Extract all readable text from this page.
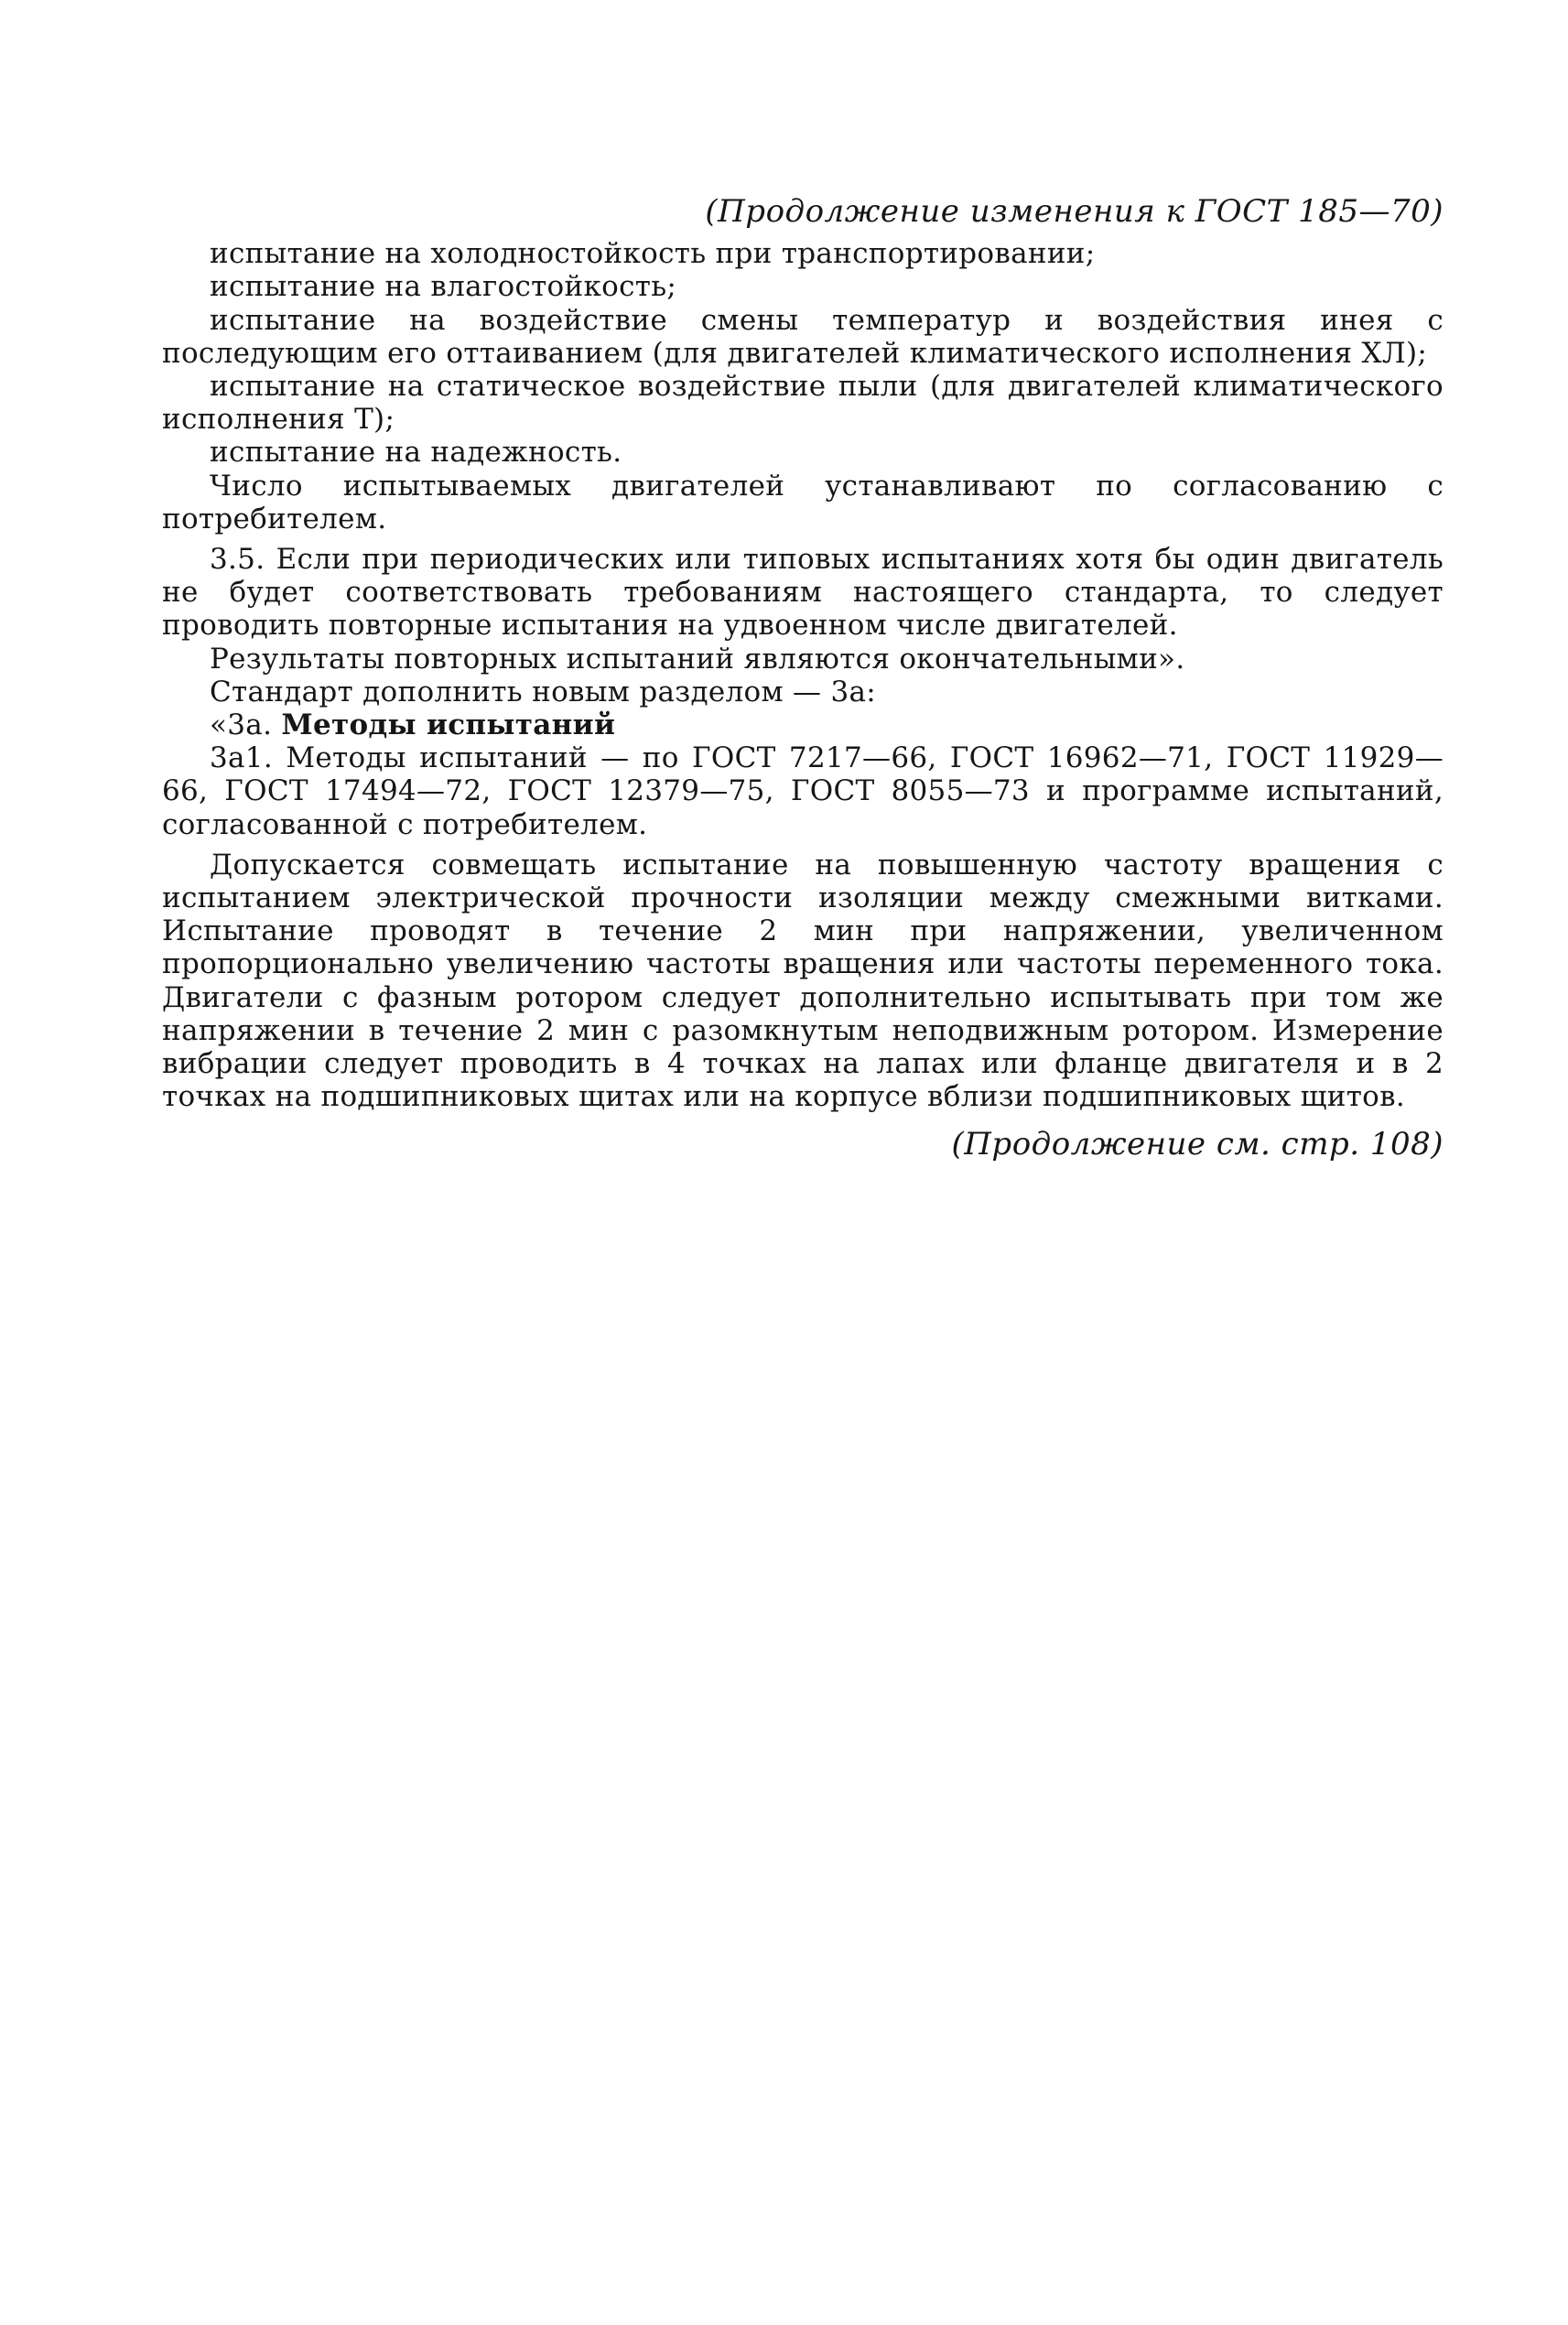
(Продолжение изменения к ГОСТ 185—70)

испытание на холодностойкость при транспортировании;

испытание на влагостойкость;

испытание на воздействие смены температур и воздействия инея с последующим его оттаиванием (для двигателей климатического исполнения ХЛ);

испытание на статическое воздействие пыли (для двигателей климатического исполнения Т);

испытание на надежность.

Число испытываемых двигателей устанавливают по согласованию с потребителем.

3.5. Если при периодических или типовых испытаниях хотя бы один двигатель не будет соответствовать требованиям настоящего стандарта, то следует проводить повторные испытания на удвоенном числе двигателей.

Результаты повторных испытаний являются окончательными».

Стандарт дополнить новым разделом — 3а:

«3а. Методы испытаний

3а1. Методы испытаний — по ГОСТ 7217—66, ГОСТ 16962—71, ГОСТ 11929—66, ГОСТ 17494—72, ГОСТ 12379—75, ГОСТ 8055—73 и программе испытаний, согласованной с потребителем.

Допускается совмещать испытание на повышенную частоту вращения с испытанием электрической прочности изоляции между смежными витками. Испытание проводят в течение 2 мин при напряжении, увеличенном пропорционально увеличению частоты вращения или частоты переменного тока. Двигатели с фазным ротором следует дополнительно испытывать при том же напряжении в течение 2 мин с разомкнутым неподвижным ротором. Измерение вибрации следует проводить в 4 точках на лапах или фланце двигателя и в 2 точках на подшипниковых щитах или на корпусе вблизи подшипниковых щитов.

(Продолжение см. стр. 108)
